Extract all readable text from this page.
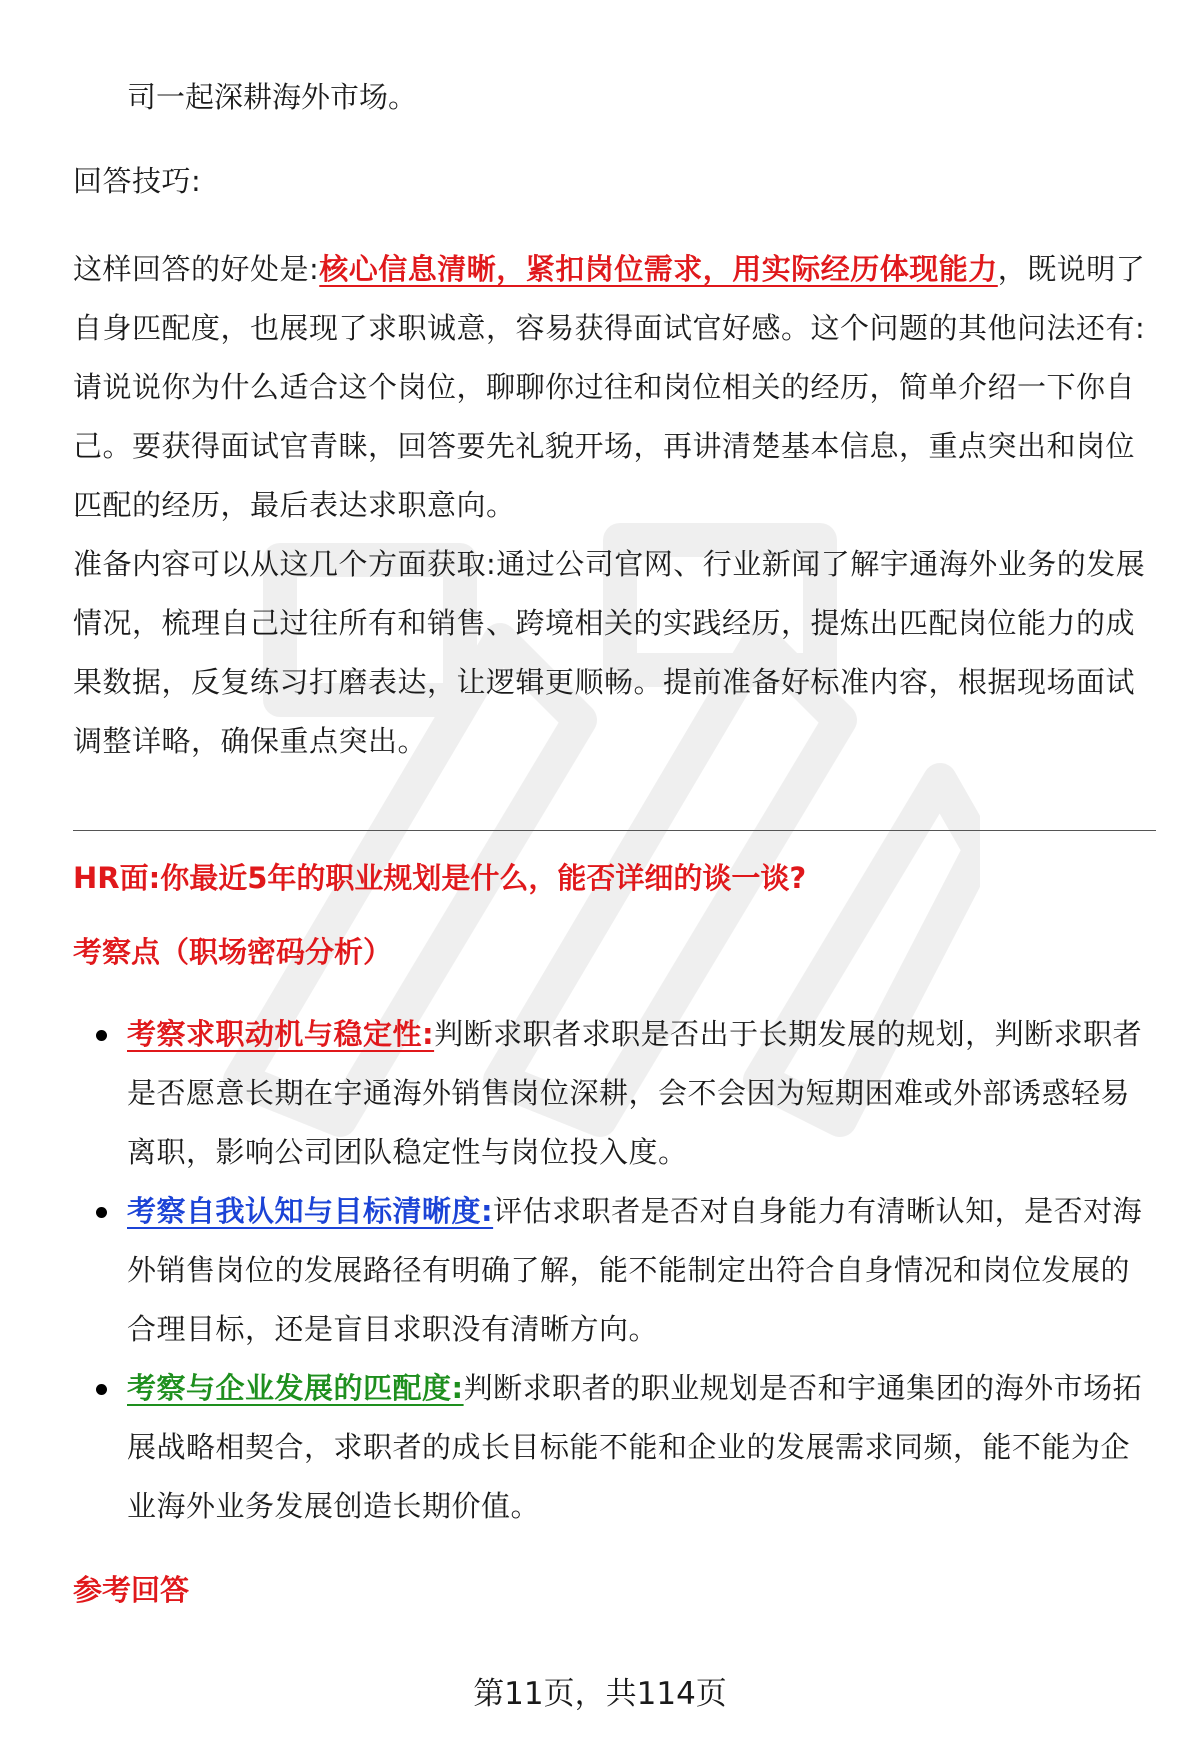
司一起深耕海外市场。

回答技巧:

这样回答的好处是:核心信息清晰，紧扣岗位需求，用实际经历体现能力，既说明了自身匹配度，也展现了求职诚意，容易获得面试官好感。这个问题的其他问法还有:请说说你为什么适合这个岗位，聊聊你过往和岗位相关的经历，简单介绍一下你自己。要获得面试官青睐，回答要先礼貌开场，再讲清楚基本信息，重点突出和岗位匹配的经历，最后表达求职意向。

准备内容可以从这几个方面获取:通过公司官网、行业新闻了解宇通海外业务的发展情况，梳理自己过往所有和销售、跨境相关的实践经历，提炼出匹配岗位能力的成果数据，反复练习打磨表达，让逻辑更顺畅。提前准备好标准内容，根据现场面试调整详略，确保重点突出。

HR面:你最近5年的职业规划是什么，能否详细的谈一谈?

考察点（职场密码分析）

考察求职动机与稳定性:判断求职者求职是否出于长期发展的规划，判断求职者是否愿意长期在宇通海外销售岗位深耕，会不会因为短期困难或外部诱惑轻易离职，影响公司团队稳定性与岗位投入度。
考察自我认知与目标清晰度:评估求职者是否对自身能力有清晰认知，是否对海外销售岗位的发展路径有明确了解，能不能制定出符合自身情况和岗位发展的合理目标，还是盲目求职没有清晰方向。
考察与企业发展的匹配度:判断求职者的职业规划是否和宇通集团的海外市场拓展战略相契合，求职者的成长目标能不能和企业的发展需求同频，能不能为企业海外业务发展创造长期价值。

参考回答

第11页，共114页
